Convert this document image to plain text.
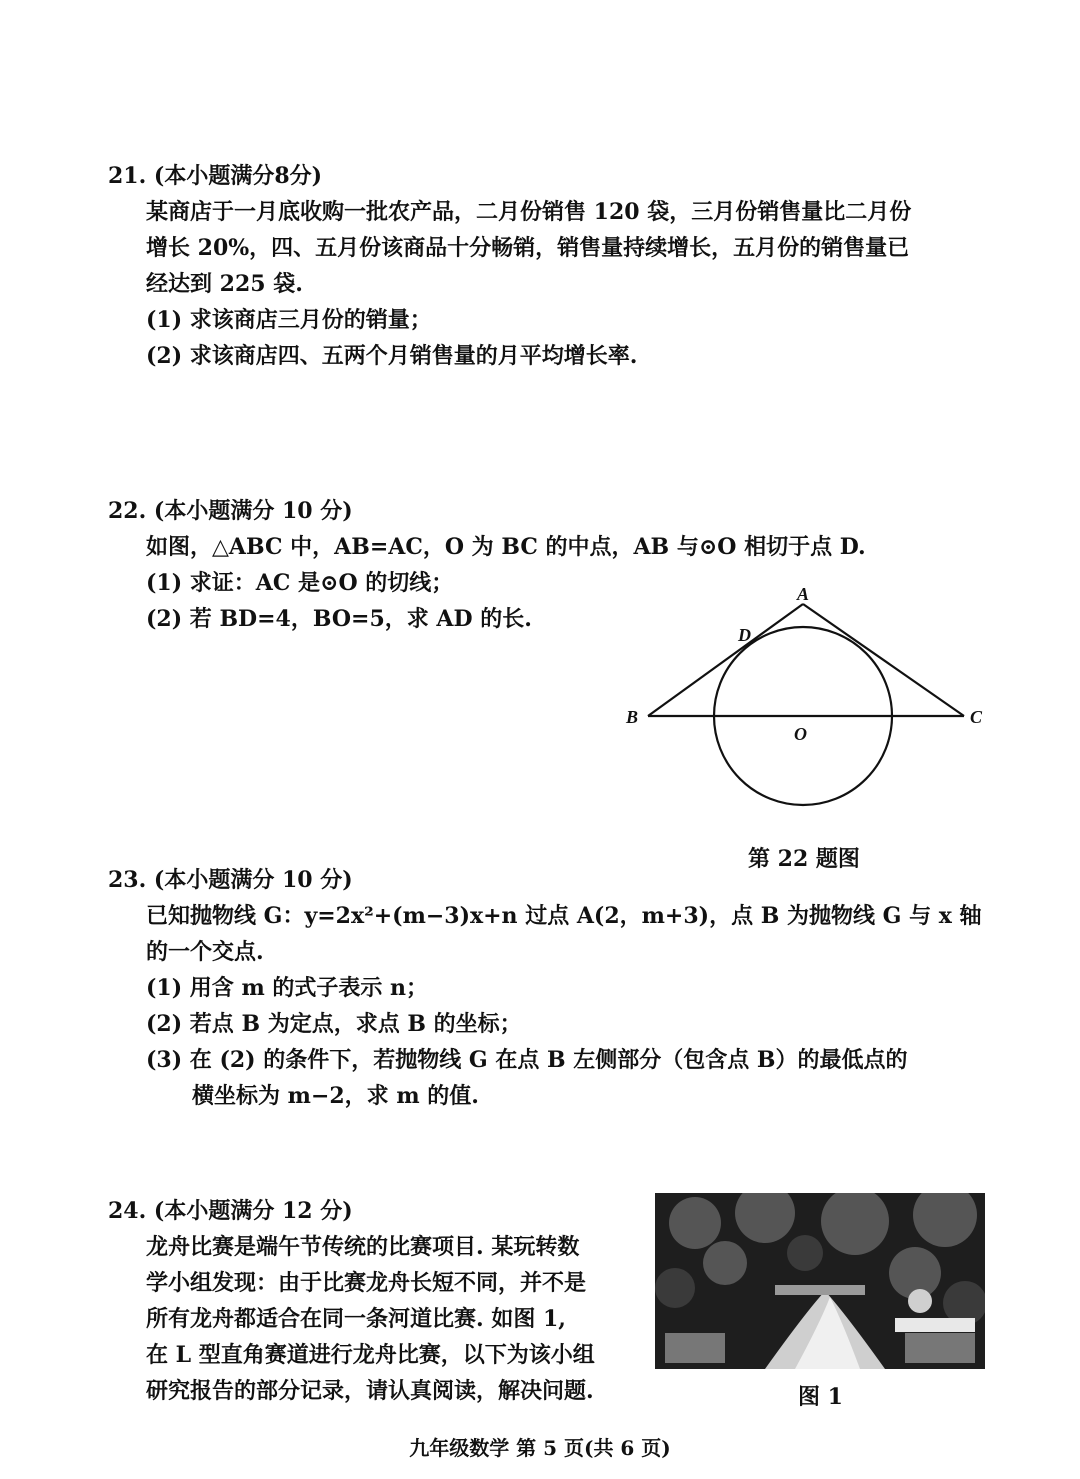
21. (本小题满分8分)
某商店于一月底收购一批农产品，二月份销售 120 袋，三月份销售量比二月份
增长 20%，四、五月份该商品十分畅销，销售量持续增长，五月份的销售量已
经达到 225 袋.
(1) 求该商店三月份的销量；
(2) 求该商店四、五两个月销售量的月平均增长率.
22. (本小题满分 10 分)
如图，△ABC 中，AB=AC，O 为 BC 的中点，AB 与⊙O 相切于点 D.
(1) 求证：AC 是⊙O 的切线；
(2) 若 BD=4，BO=5，求 AD 的长.
A
D
B	C
O
第 22 题图
23. (本小题满分 10 分)
已知抛物线 G：y=2x²+(m−3)x+n 过点 A(2，m+3)，点 B 为抛物线 G 与 x 轴
的一个交点.
(1) 用含 m 的式子表示 n；
(2) 若点 B 为定点，求点 B 的坐标；
(3) 在 (2) 的条件下，若抛物线 G 在点 B 左侧部分（包含点 B）的最低点的
横坐标为 m−2，求 m 的值.
24. (本小题满分 12 分)
龙舟比赛是端午节传统的比赛项目. 某玩转数
学小组发现：由于比赛龙舟长短不同，并不是
所有龙舟都适合在同一条河道比赛. 如图 1,
在 L 型直角赛道进行龙舟比赛，以下为该小组
研究报告的部分记录，请认真阅读，解决问题.	图 1
九年级数学 第 5 页(共 6 页)
